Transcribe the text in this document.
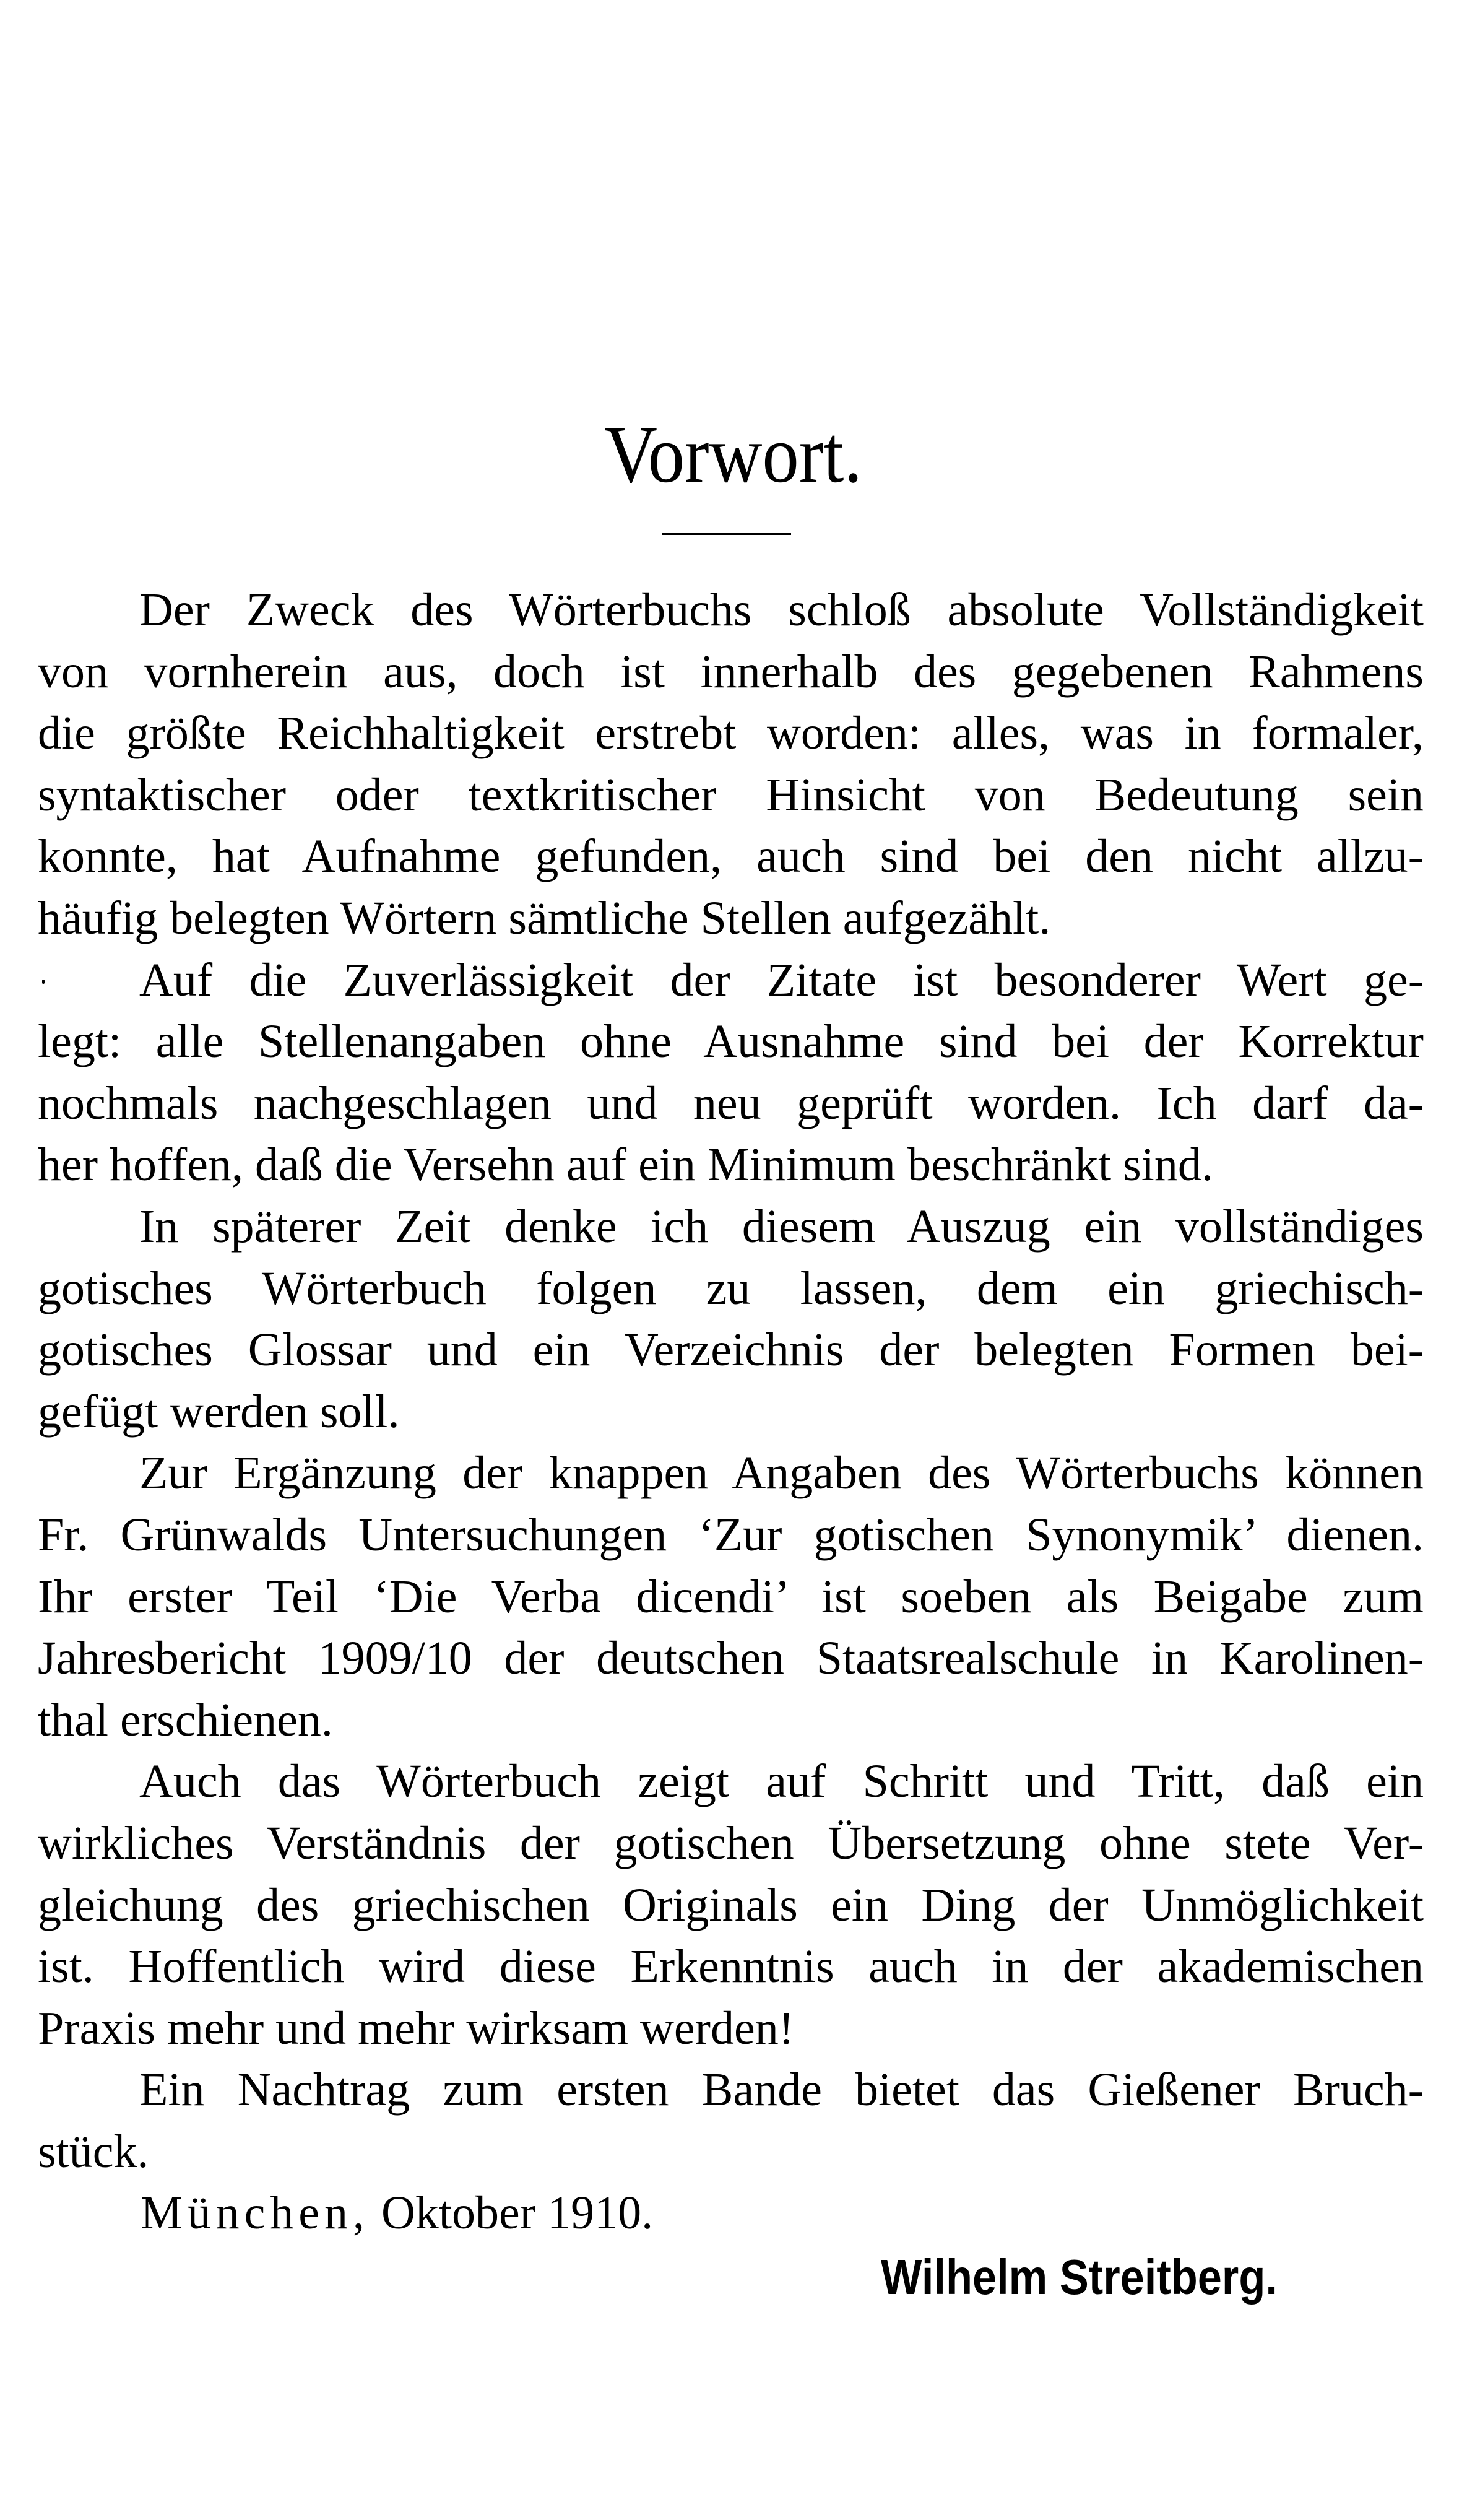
Vorwort.
Der Zweck des Wörterbuchs schloß absolute Vollständigkeit
von vornherein aus, doch ist innerhalb des gegebenen Rahmens
die größte Reichhaltigkeit erstrebt worden: alles, was in formaler,
syntaktischer oder textkritischer Hinsicht von Bedeutung sein
konnte, hat Aufnahme gefunden, auch sind bei den nicht allzu-
häufig belegten Wörtern sämtliche Stellen aufgezählt.
Auf die Zuverlässigkeit der Zitate ist besonderer Wert ge-
legt: alle Stellenangaben ohne Ausnahme sind bei der Korrektur
nochmals nachgeschlagen und neu geprüft worden. Ich darf da-
her hoffen, daß die Versehn auf ein Minimum beschränkt sind.
In späterer Zeit denke ich diesem Auszug ein vollständiges
gotisches Wörterbuch folgen zu lassen, dem ein griechisch-
gotisches Glossar und ein Verzeichnis der belegten Formen bei-
gefügt werden soll.
Zur Ergänzung der knappen Angaben des Wörterbuchs können
Fr. Grünwalds Untersuchungen ‘Zur gotischen Synonymik’ dienen.
Ihr erster Teil ‘Die Verba dicendi’ ist soeben als Beigabe zum
Jahresbericht 1909/10 der deutschen Staatsrealschule in Karolinen-
thal erschienen.
Auch das Wörterbuch zeigt auf Schritt und Tritt, daß ein
wirkliches Verständnis der gotischen Übersetzung ohne stete Ver-
gleichung des griechischen Originals ein Ding der Unmöglichkeit
ist. Hoffentlich wird diese Erkenntnis auch in der akademischen
Praxis mehr und mehr wirksam werden!
Ein Nachtrag zum ersten Bande bietet das Gießener Bruch-
stück.
München, Oktober 1910.
Wilhelm Streitberg.
